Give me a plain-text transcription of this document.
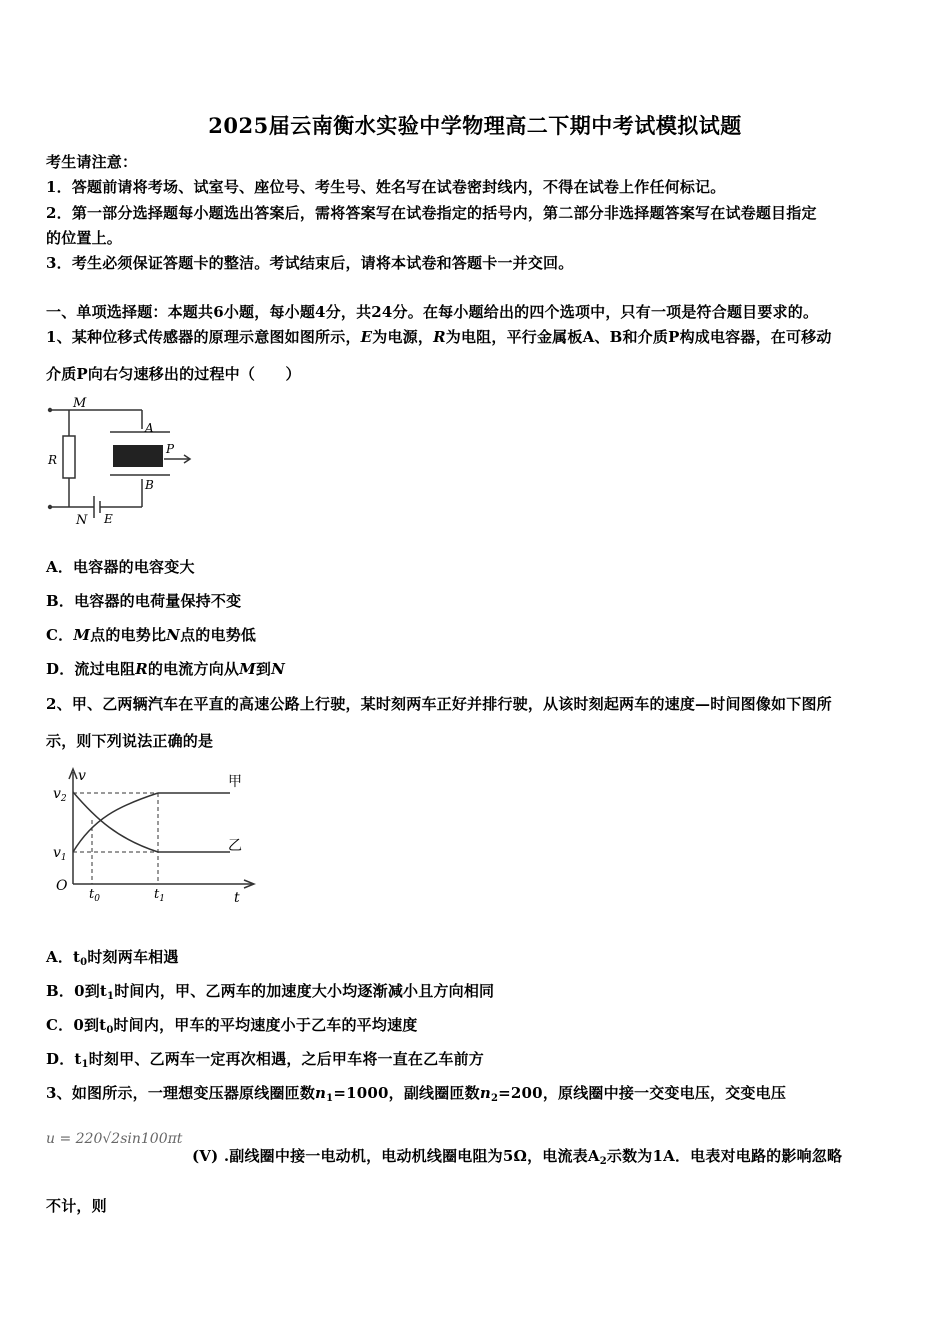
2025届云南衡水实验中学物理高二下期中考试模拟试题
考生请注意：
1．答题前请将考场、试室号、座位号、考生号、姓名写在试卷密封线内，不得在试卷上作任何标记。
2．第一部分选择题每小题选出答案后，需将答案写在试卷指定的括号内，第二部分非选择题答案写在试卷题目指定
的位置上。
3．考生必须保证答题卡的整洁。考试结束后，请将本试卷和答题卡一并交回。
一、单项选择题：本题共6小题，每小题4分，共24分。在每小题给出的四个选项中，只有一项是符合题目要求的。
1、某种位移式传感器的原理示意图如图所示，E为电源，R为电阻，平行金属板A、B和介质P构成电容器，在可移动
介质P向右匀速移出的过程中（　　）
M
A
P
R
B
N E
A．电容器的电容变大
B．电容器的电荷量保持不变
C．M点的电势比N点的电势低
D．流过电阻R的电流方向从M到N
2、甲、乙两辆汽车在平直的高速公路上行驶，某时刻两车正好并排行驶，从该时刻起两车的速度—时间图像如下图所
示，则下列说法正确的是
v
$v_2$
$v_1$
O
$t_0$	$t_1$	t
甲
乙
A．$t_0$时刻两车相遇
B．0到$t_1$时间内，甲、乙两车的加速度大小均逐渐减小且方向相同
C．0到$t_0$时间内，甲车的平均速度小于乙车的平均速度
D．$t_1$时刻甲、乙两车一定再次相遇，之后甲车将一直在乙车前方
3、如图所示，一理想变压器原线圈匝数$n_1=1000$，副线圈匝数$n_2=200$，原线圈中接一交变电压，交变电压
u = 220√2sin100πt
(V) .副线圈中接一电动机，电动机线圈电阻为5Ω，电流表$A_2$示数为1A．电表对电路的影响忽略
不计，则
